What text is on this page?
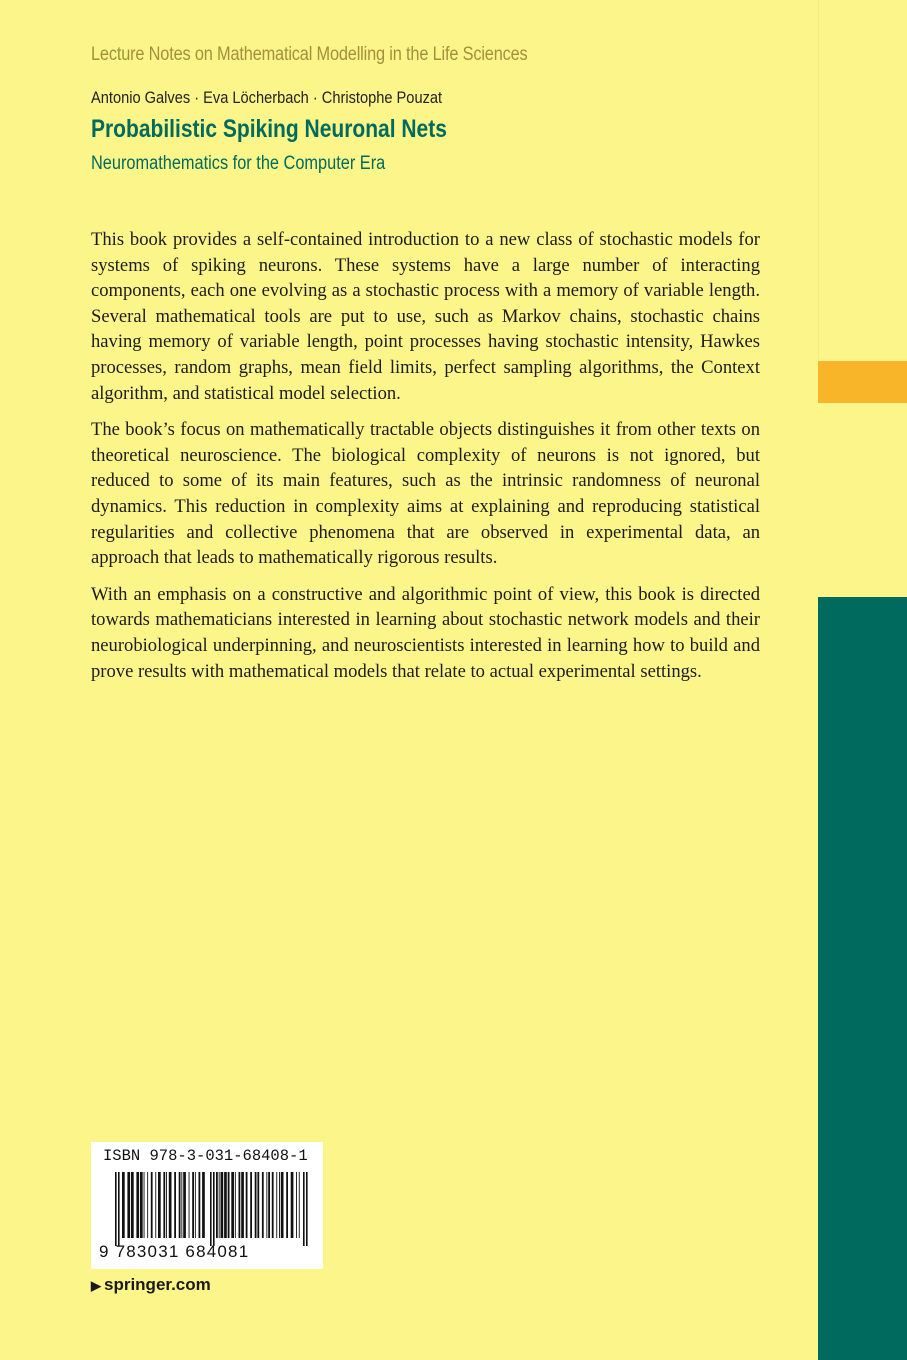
Lecture Notes on Mathematical Modelling in the Life Sciences
Antonio Galves · Eva Löcherbach · Christophe Pouzat
Probabilistic Spiking Neuronal Nets
Neuromathematics for the Computer Era

This book provides a self-contained introduction to a new class of stochastic models for systems of spiking neurons. These systems have a large number of interacting components, each one evolving as a stochastic process with a memory of variable length. Several mathematical tools are put to use, such as Markov chains, stochastic chains having memory of variable length, point processes having stochastic intensity, Hawkes processes, random graphs, mean field limits, perfect sampling algorithms, the Context algorithm, and statistical model selection.

The book’s focus on mathematically tractable objects distinguishes it from other texts on theoretical neuroscience. The biological complexity of neurons is not ignored, but reduced to some of its main features, such as the intrinsic randomness of neuronal dynamics. This reduction in complexity aims at explaining and reproducing statistical regularities and collective phenomena that are observed in experimental data, an approach that leads to mathematically rigorous results.

With an emphasis on a constructive and algorithmic point of view, this book is directed towards mathematicians interested in learning about stochastic network models and their neurobiological underpinning, and neuroscientists interested in learning how to build and prove results with mathematical models that relate to actual experimental settings.

ISBN 978-3-031-68408-1
9 783031 684081
▶ springer.com
